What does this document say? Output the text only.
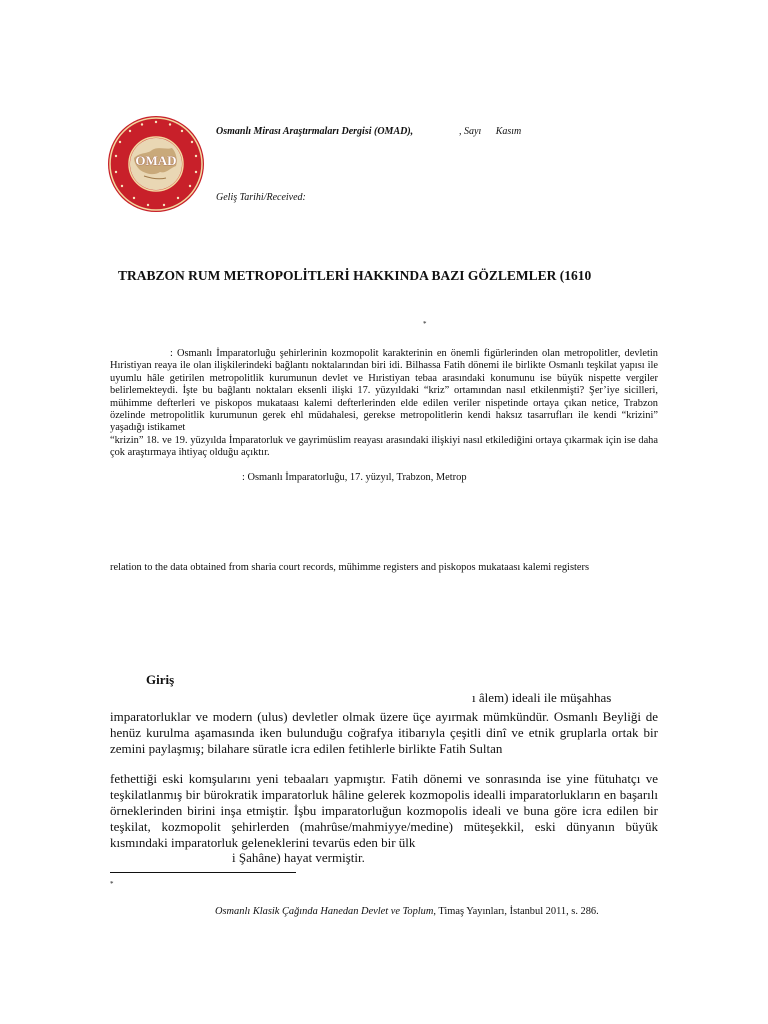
OMAD
Osmanlı Mirası Araştırmaları Dergisi (OMAD),	, Sayı Kasım
Geliş Tarihi/Received:
TRABZON RUM METROPOLİTLERİ HAKKINDA BAZI GÖZLEMLER (1610
*

: Osmanlı İmparatorluğu şehirlerinin kozmopolit karakterinin en önemli figürlerinden olan metropolitler, devletin Hıristiyan reaya ile olan ilişkilerindeki bağlantı noktalarından biri idi. Bilhassa Fatih dönemi ile birlikte Osmanlı teşkilat yapısı ile uyumlu hâle getirilen metropolitlik kurumunun devlet ve Hıristiyan tebaa arasındaki konumunu ise büyük nispette vergiler belirlemekteydi. İşte bu bağlantı noktaları eksenli ilişki 17. yüzyıldaki “kriz” ortamından nasıl etkilenmişti? Şer’iye sicilleri, mühimme defterleri ve piskopos mukataası kalemi defterlerinden elde edilen veriler nispetinde ortaya çıkan netice, Trabzon özelinde metropolitlik kurumunun gerek ehl müdahalesi, gerekse metropolitlerin kendi haksız tasarrufları ile kendi “krizini” yaşadığı istikamet

“krizin” 18. ve 19. yüzyılda İmparatorluk ve gayrimüslim reayası arasındaki ilişkiyi nasıl etkilediğini ortaya çıkarmak için ise daha çok araştırmaya ihtiyaç olduğu açıktır.

: Osmanlı İmparatorluğu, 17. yüzyıl, Trabzon, Metrop
relation to the data obtained from sharia court records, mühimme registers and piskopos mukataası kalemi registers
Giriş
ı âlem) ideali ile müşahhas

imparatorluklar ve modern (ulus) devletler olmak üzere üçe ayırmak mümkündür. Osmanlı Beyliği de henüz kurulma aşamasında iken bulunduğu coğrafya itibarıyla çeşitli dinî ve etnik gruplarla ortak bir zemini paylaşmış; bilahare süratle icra edilen fetihlerle birlikte Fatih Sultan

fethettiği eski komşularını yeni tebaaları yapmıştır. Fatih dönemi ve sonrasında ise yine fütuhatçı ve teşkilatlanmış bir bürokratik imparatorluk hâline gelerek kozmopolis idealli imparatorlukların en başarılı örneklerinden birini inşa etmiştir. İşbu imparatorluğun kozmopolis ideali ve buna göre icra edilen bir teşkilat, kozmopolit şehirlerden (mahrûse/mahmiyye/medine) müteşekkil, eski dünyanın büyük kısmındaki imparatorluk geleneklerini tevarüs eden bir ülk

i Şahâne) hayat vermiştir.
*
Osmanlı Klasik Çağında Hanedan Devlet ve Toplum, Timaş Yayınları, İstanbul 2011, s. 286.
